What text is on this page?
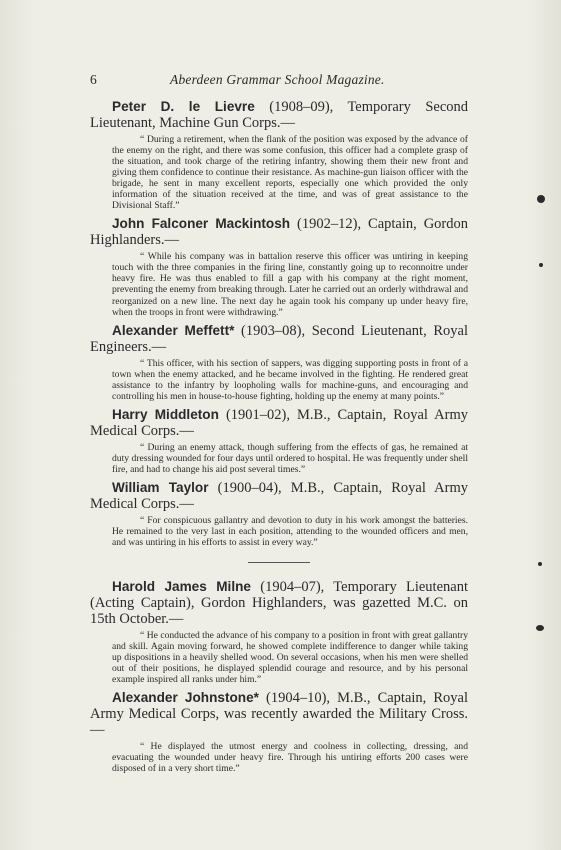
6	Aberdeen Grammar School Magazine.

Peter D. le Lievre (1908–09), Temporary Second Lieutenant, Machine Gun Corps.—

“ During a retirement, when the flank of the position was exposed by the advance of the enemy on the right, and there was some confusion, this officer had a complete grasp of the situation, and took charge of the retiring infantry, showing them their new front and giving them confidence to continue their resistance. As machine-gun liaison officer with the brigade, he sent in many excellent reports, especially one which provided the only information of the situation received at the time, and was of great assistance to the Divisional Staff.”

John Falconer Mackintosh (1902–12), Captain, Gordon Highlanders.—

“ While his company was in battalion reserve this officer was untiring in keeping touch with the three companies in the firing line, constantly going up to reconnoitre under heavy fire. He was thus enabled to fill a gap with his company at the right moment, preventing the enemy from breaking through. Later he carried out an orderly withdrawal and reorganized on a new line. The next day he again took his company up under heavy fire, when the troops in front were withdrawing.”

Alexander Meffett* (1903–08), Second Lieutenant, Royal Engineers.—

“ This officer, with his section of sappers, was digging supporting posts in front of a town when the enemy attacked, and he became involved in the fighting. He rendered great assistance to the infantry by loopholing walls for machine-guns, and encouraging and controlling his men in house-to-house fighting, holding up the enemy at many points.”

Harry Middleton (1901–02), M.B., Captain, Royal Army Medical Corps.—

“ During an enemy attack, though suffering from the effects of gas, he remained at duty dressing wounded for four days until ordered to hospital. He was frequently under shell fire, and had to change his aid post several times.”

William Taylor (1900–04), M.B., Captain, Royal Army Medical Corps.—

“ For conspicuous gallantry and devotion to duty in his work amongst the batteries. He remained to the very last in each position, attending to the wounded officers and men, and was untiring in his efforts to assist in every way.”

Harold James Milne (1904–07), Temporary Lieutenant (Acting Captain), Gordon Highlanders, was gazetted M.C. on 15th October.—

“ He conducted the advance of his company to a position in front with great gallantry and skill. Again moving forward, he showed complete indifference to danger while taking up dispositions in a heavily shelled wood. On several occasions, when his men were shelled out of their positions, he displayed splendid courage and resource, and by his personal example inspired all ranks under him.”

Alexander Johnstone* (1904–10), M.B., Captain, Royal Army Medical Corps, was recently awarded the Military Cross.—

“ He displayed the utmost energy and coolness in collecting, dressing, and evacuating the wounded under heavy fire. Through his untiring efforts 200 cases were disposed of in a very short time.”
